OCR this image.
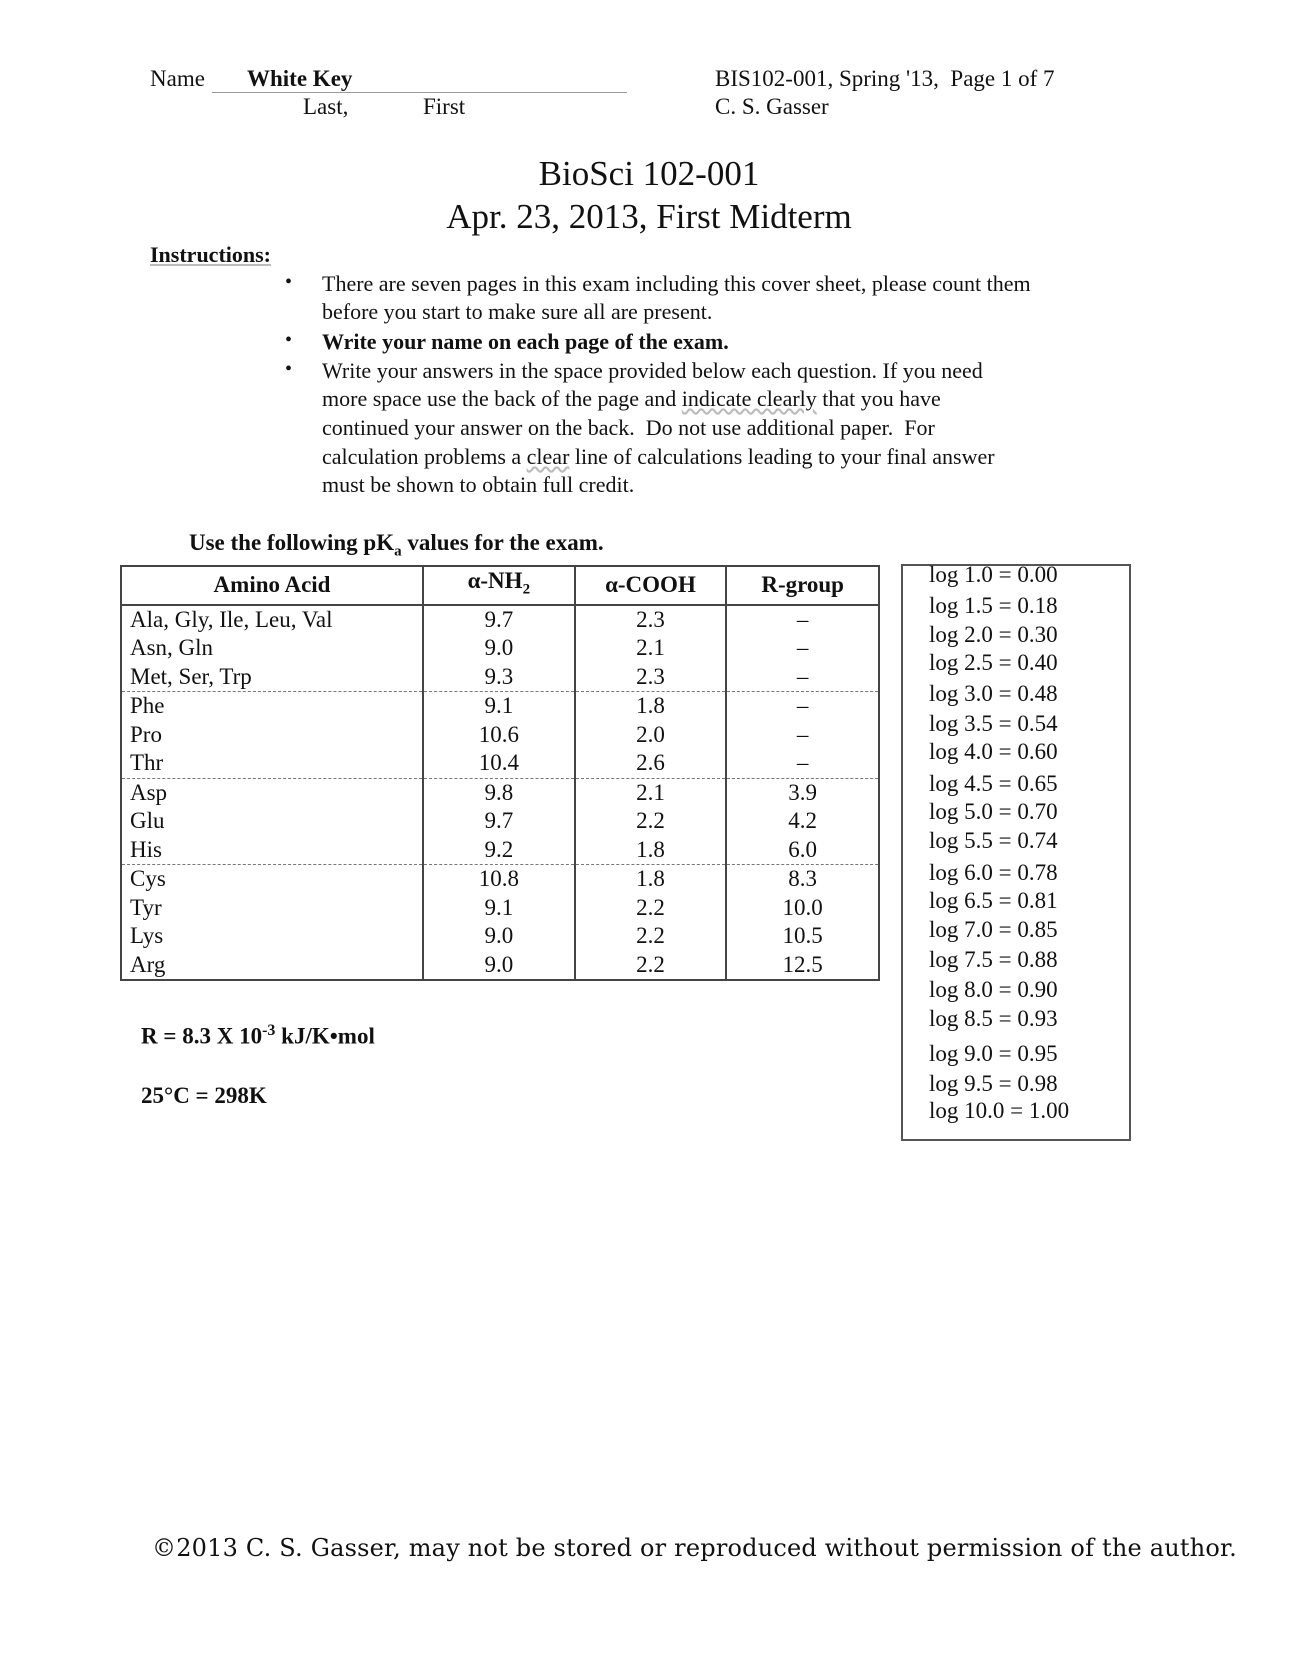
Name White Key
Last,	First
BIS102-001, Spring '13,  Page 1 of 7
C. S. Gasser
BioSci 102-001
Apr. 23, 2013, First Midterm
Instructions:
• There are seven pages in this exam including this cover sheet, please count them
before you start to make sure all are present.
• Write your name on each page of the exam.
• Write your answers in the space provided below each question. If you need
more space use the back of the page and indicate clearly that you have
continued your answer on the back.  Do not use additional paper.  For
calculation problems a clear line of calculations leading to your final answer
must be shown to obtain full credit.
Use the following $pK_a$ values for the exam.
Amino Acid	$\alpha-NH_2$	α-COOH	R-group
Ala, Gly, Ile, Leu, Val	9.7	2.3	–
Asn, Gln	9.0	2.1	–
Met, Ser, Trp	9.3	2.3	–
Phe	9.1	1.8	–
Pro	10.6	2.0	–
Thr	10.4	2.6	–
Asp	9.8	2.1	3.9
Glu	9.7	2.2	4.2
His	9.2	1.8	6.0
Cys	10.8	1.8	8.3
Tyr	9.1	2.2	10.0
Lys	9.0	2.2	10.5
Arg	9.0	2.2	12.5
log 1.0 = 0.00
log 1.5 = 0.18
log 2.0 = 0.30
log 2.5 = 0.40
log 3.0 = 0.48
log 3.5 = 0.54
log 4.0 = 0.60
log 4.5 = 0.65
log 5.0 = 0.70
log 5.5 = 0.74
log 6.0 = 0.78
log 6.5 = 0.81
log 7.0 = 0.85
log 7.5 = 0.88
log 8.0 = 0.90
log 8.5 = 0.93
log 9.0 = 0.95
log 9.5 = 0.98
log 10.0 = 1.00
R = 8.3 X $10^{-3}$ kJ/K•mol
25°C = 298K
©2013 C. S. Gasser, may not be stored or reproduced without permission of the author.
